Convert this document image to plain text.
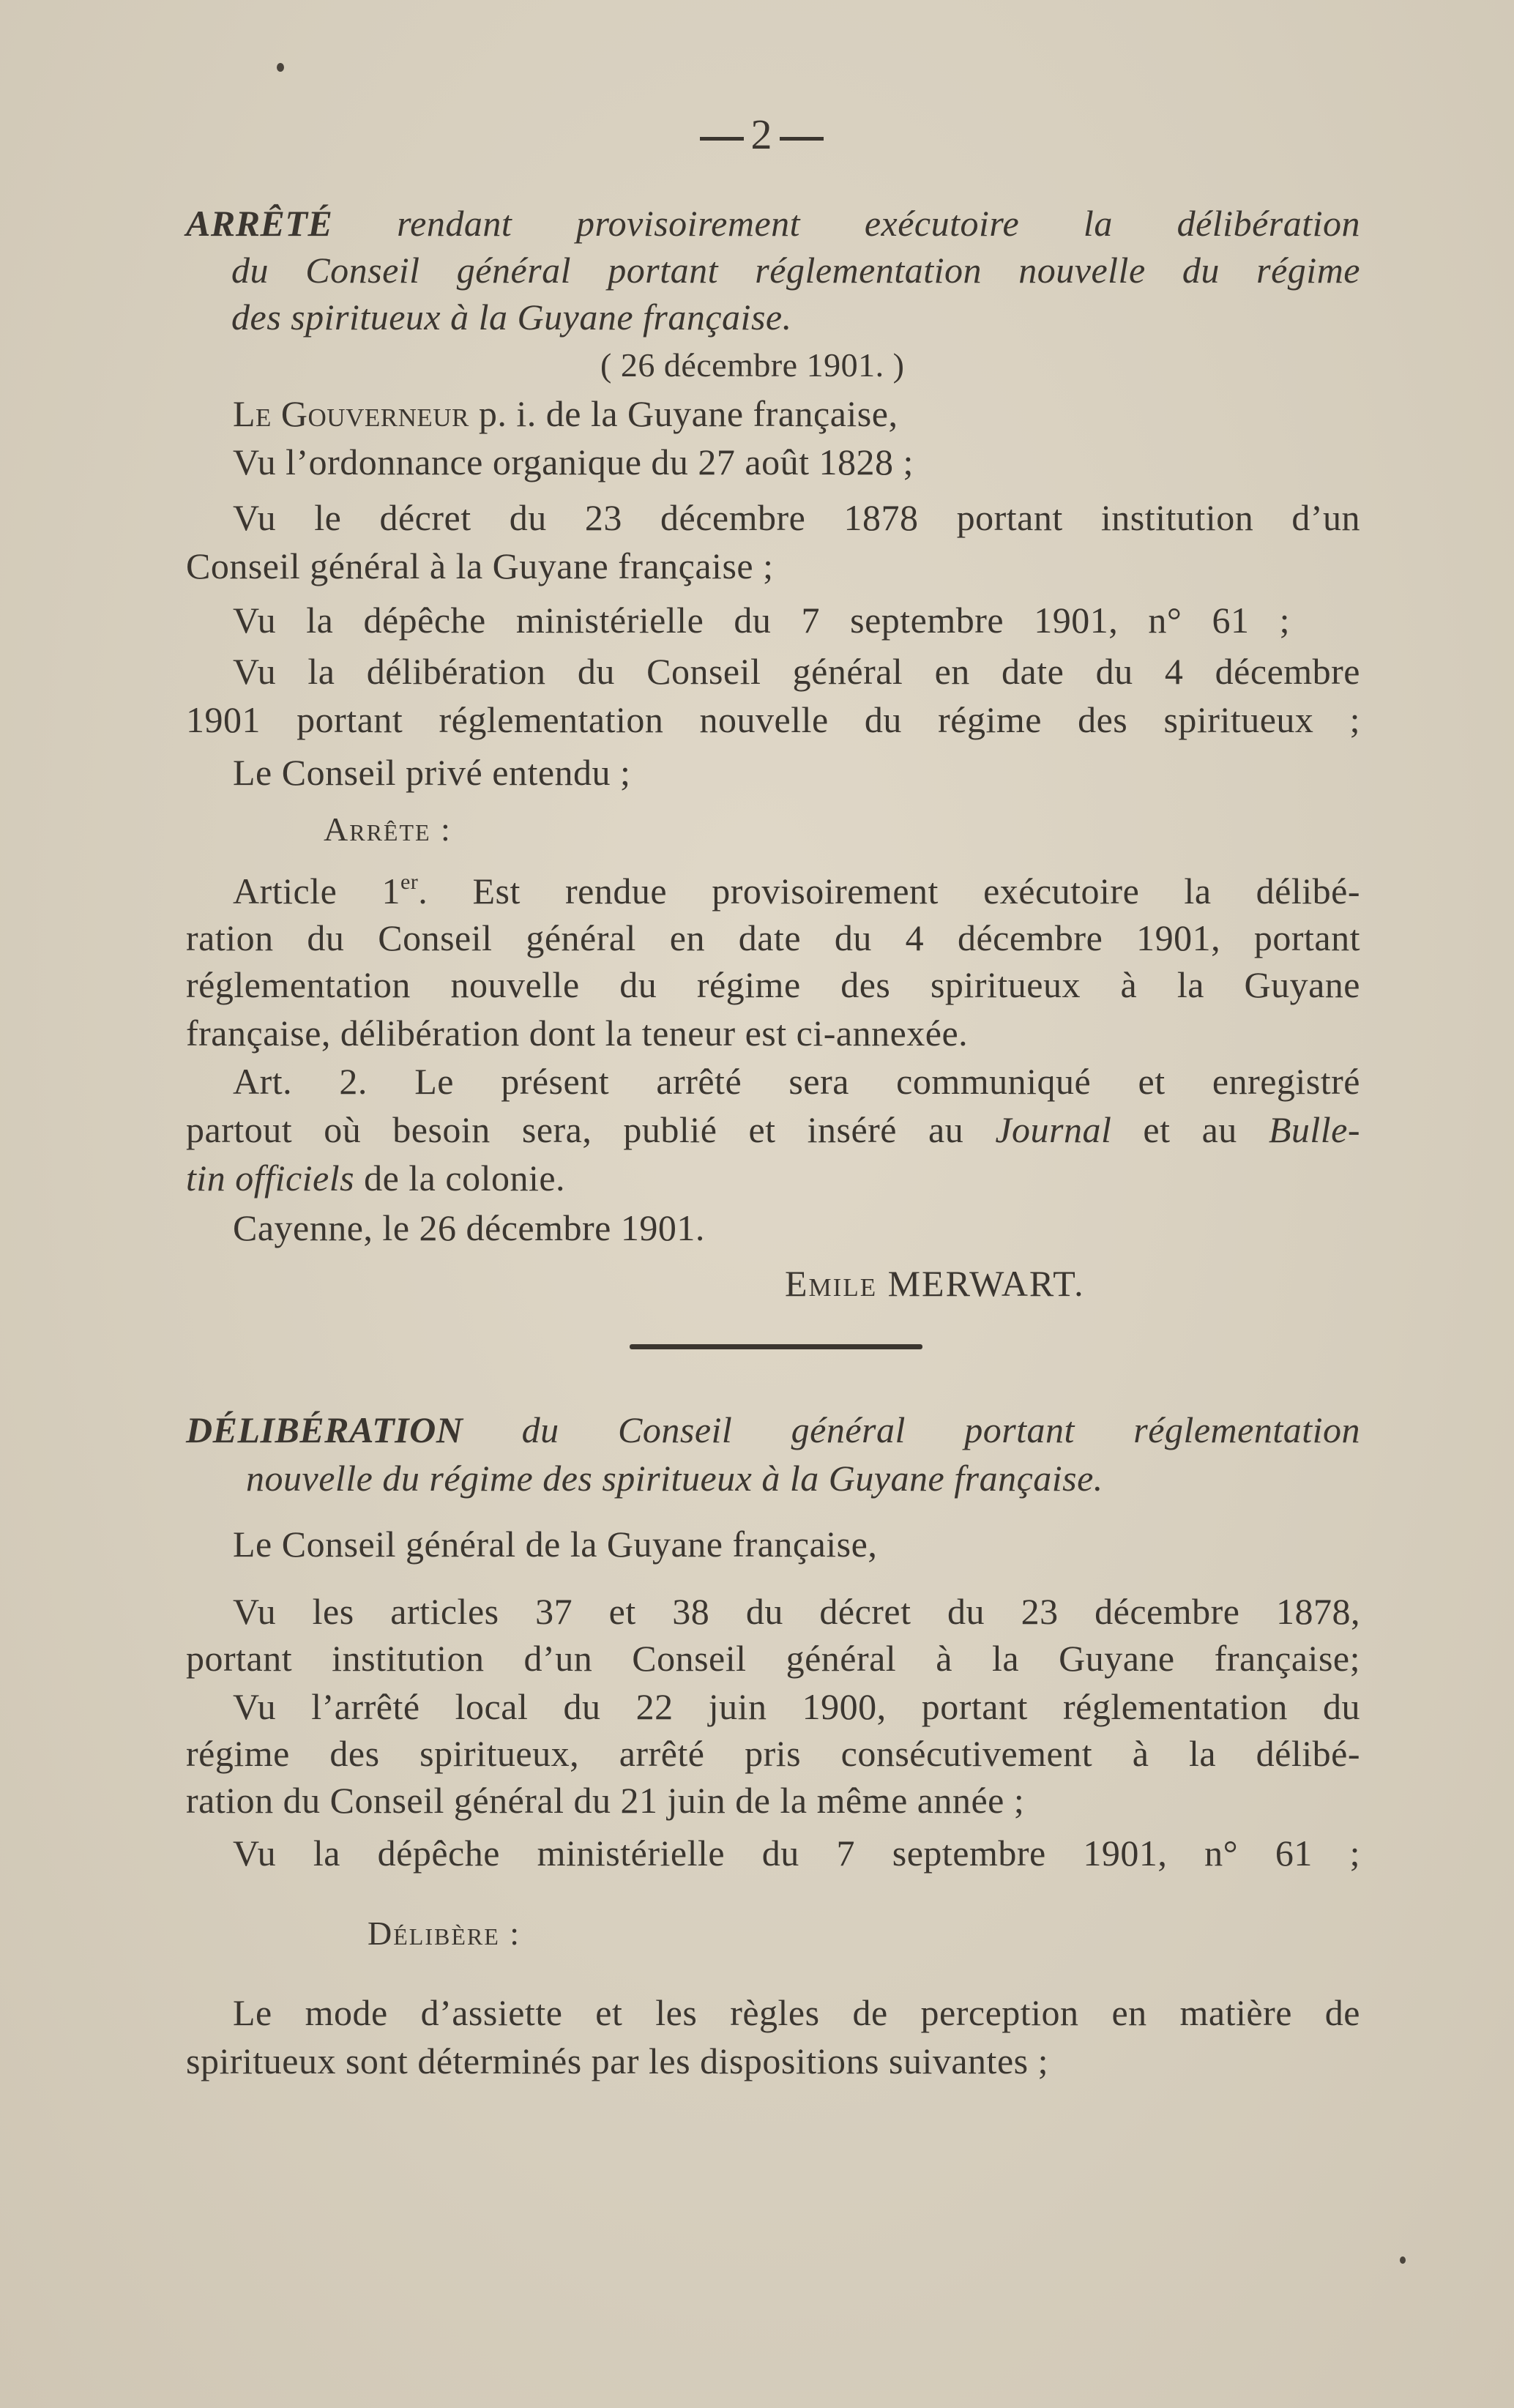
2
ARRÊTÉ rendant provisoirement exécutoire la délibération
du Conseil général portant réglementation nouvelle du régime
des spiritueux à la Guyane française.
( 26 décembre 1901. )
Le Gouverneur p. i. de la Guyane française,
Vu l’ordonnance organique du 27 août 1828 ;
Vu le décret du 23 décembre 1878 portant institution d’un
Conseil général à la Guyane française ;
Vu la dépêche ministérielle du 7 septembre 1901, n° 61 ;
Vu la délibération du Conseil général en date du 4 décembre
1901 portant réglementation nouvelle du régime des spiritueux ;
Le Conseil privé entendu ;
Arrête :
Article 1er. Est rendue provisoirement exécutoire la délibé-
ration du Conseil général en date du 4 décembre 1901, portant
réglementation nouvelle du régime des spiritueux à la Guyane
française, délibération dont la teneur est ci-annexée.
Art. 2. Le présent arrêté sera communiqué et enregistré
partout où besoin sera, publié et inséré au Journal et au Bulle-
tin officiels de la colonie.
Cayenne, le 26 décembre 1901.
Emile MERWART.
DÉLIBÉRATION du Conseil général portant réglementation
nouvelle du régime des spiritueux à la Guyane française.
Le Conseil général de la Guyane française,
Vu les articles 37 et 38 du décret du 23 décembre 1878,
portant institution d’un Conseil général à la Guyane française;
Vu l’arrêté local du 22 juin 1900, portant réglementation du
régime des spiritueux, arrêté pris consécutivement à la délibé-
ration du Conseil général du 21 juin de la même année ;
Vu la dépêche ministérielle du 7 septembre 1901, n° 61 ;
Délibère :
Le mode d’assiette et les règles de perception en matière de
spiritueux sont déterminés par les dispositions suivantes ;
